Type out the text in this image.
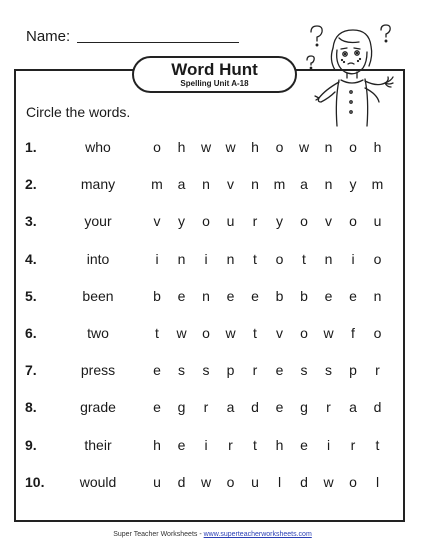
Name:
Word Hunt
Spelling Unit A-18
Circle the words.
1.	who	o h w w h o w n o h
2.	many	m a n v n m a n y m
3.	your	v y o u	r	y o v o u
4.	into	i	n	i	n	t	o	t	n	i	o
5.	been	b e n e e b b e e n
6.	two	t	w o w	t	v o w	f	o
7.	press	e s s p	r	e s s p	r
8.	grade	e g	r	a d e g	r	a d
9.	their	h e	i	r	t	h e	i	r	t
10.	would	u d w o u	l	d w o	l
Super Teacher Worksheets - www.superteacherworksheets.com
